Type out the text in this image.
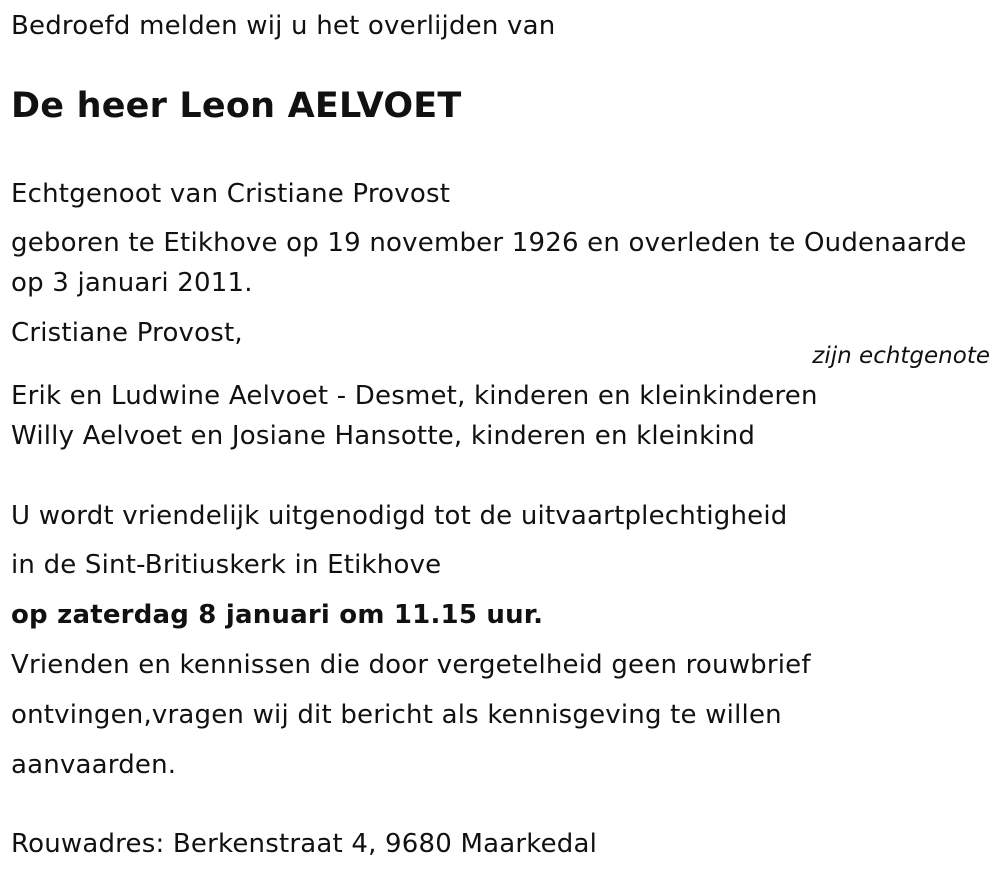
Bedroefd melden wij u het overlijden van
De heer Leon AELVOET
Echtgenoot van Cristiane Provost
geboren te Etikhove op 19 november 1926 en overleden te Oudenaarde
op 3 januari 2011.
Cristiane Provost,
zijn echtgenote
Erik en Ludwine Aelvoet - Desmet, kinderen en kleinkinderen
Willy Aelvoet en Josiane Hansotte, kinderen en kleinkind
U wordt vriendelijk uitgenodigd tot de uitvaartplechtigheid
in de Sint-Britiuskerk in Etikhove
op zaterdag 8 januari om 11.15 uur.
Vrienden en kennissen die door vergetelheid geen rouwbrief
ontvingen,vragen wij dit bericht als kennisgeving te willen
aanvaarden.
Rouwadres: Berkenstraat 4, 9680 Maarkedal
